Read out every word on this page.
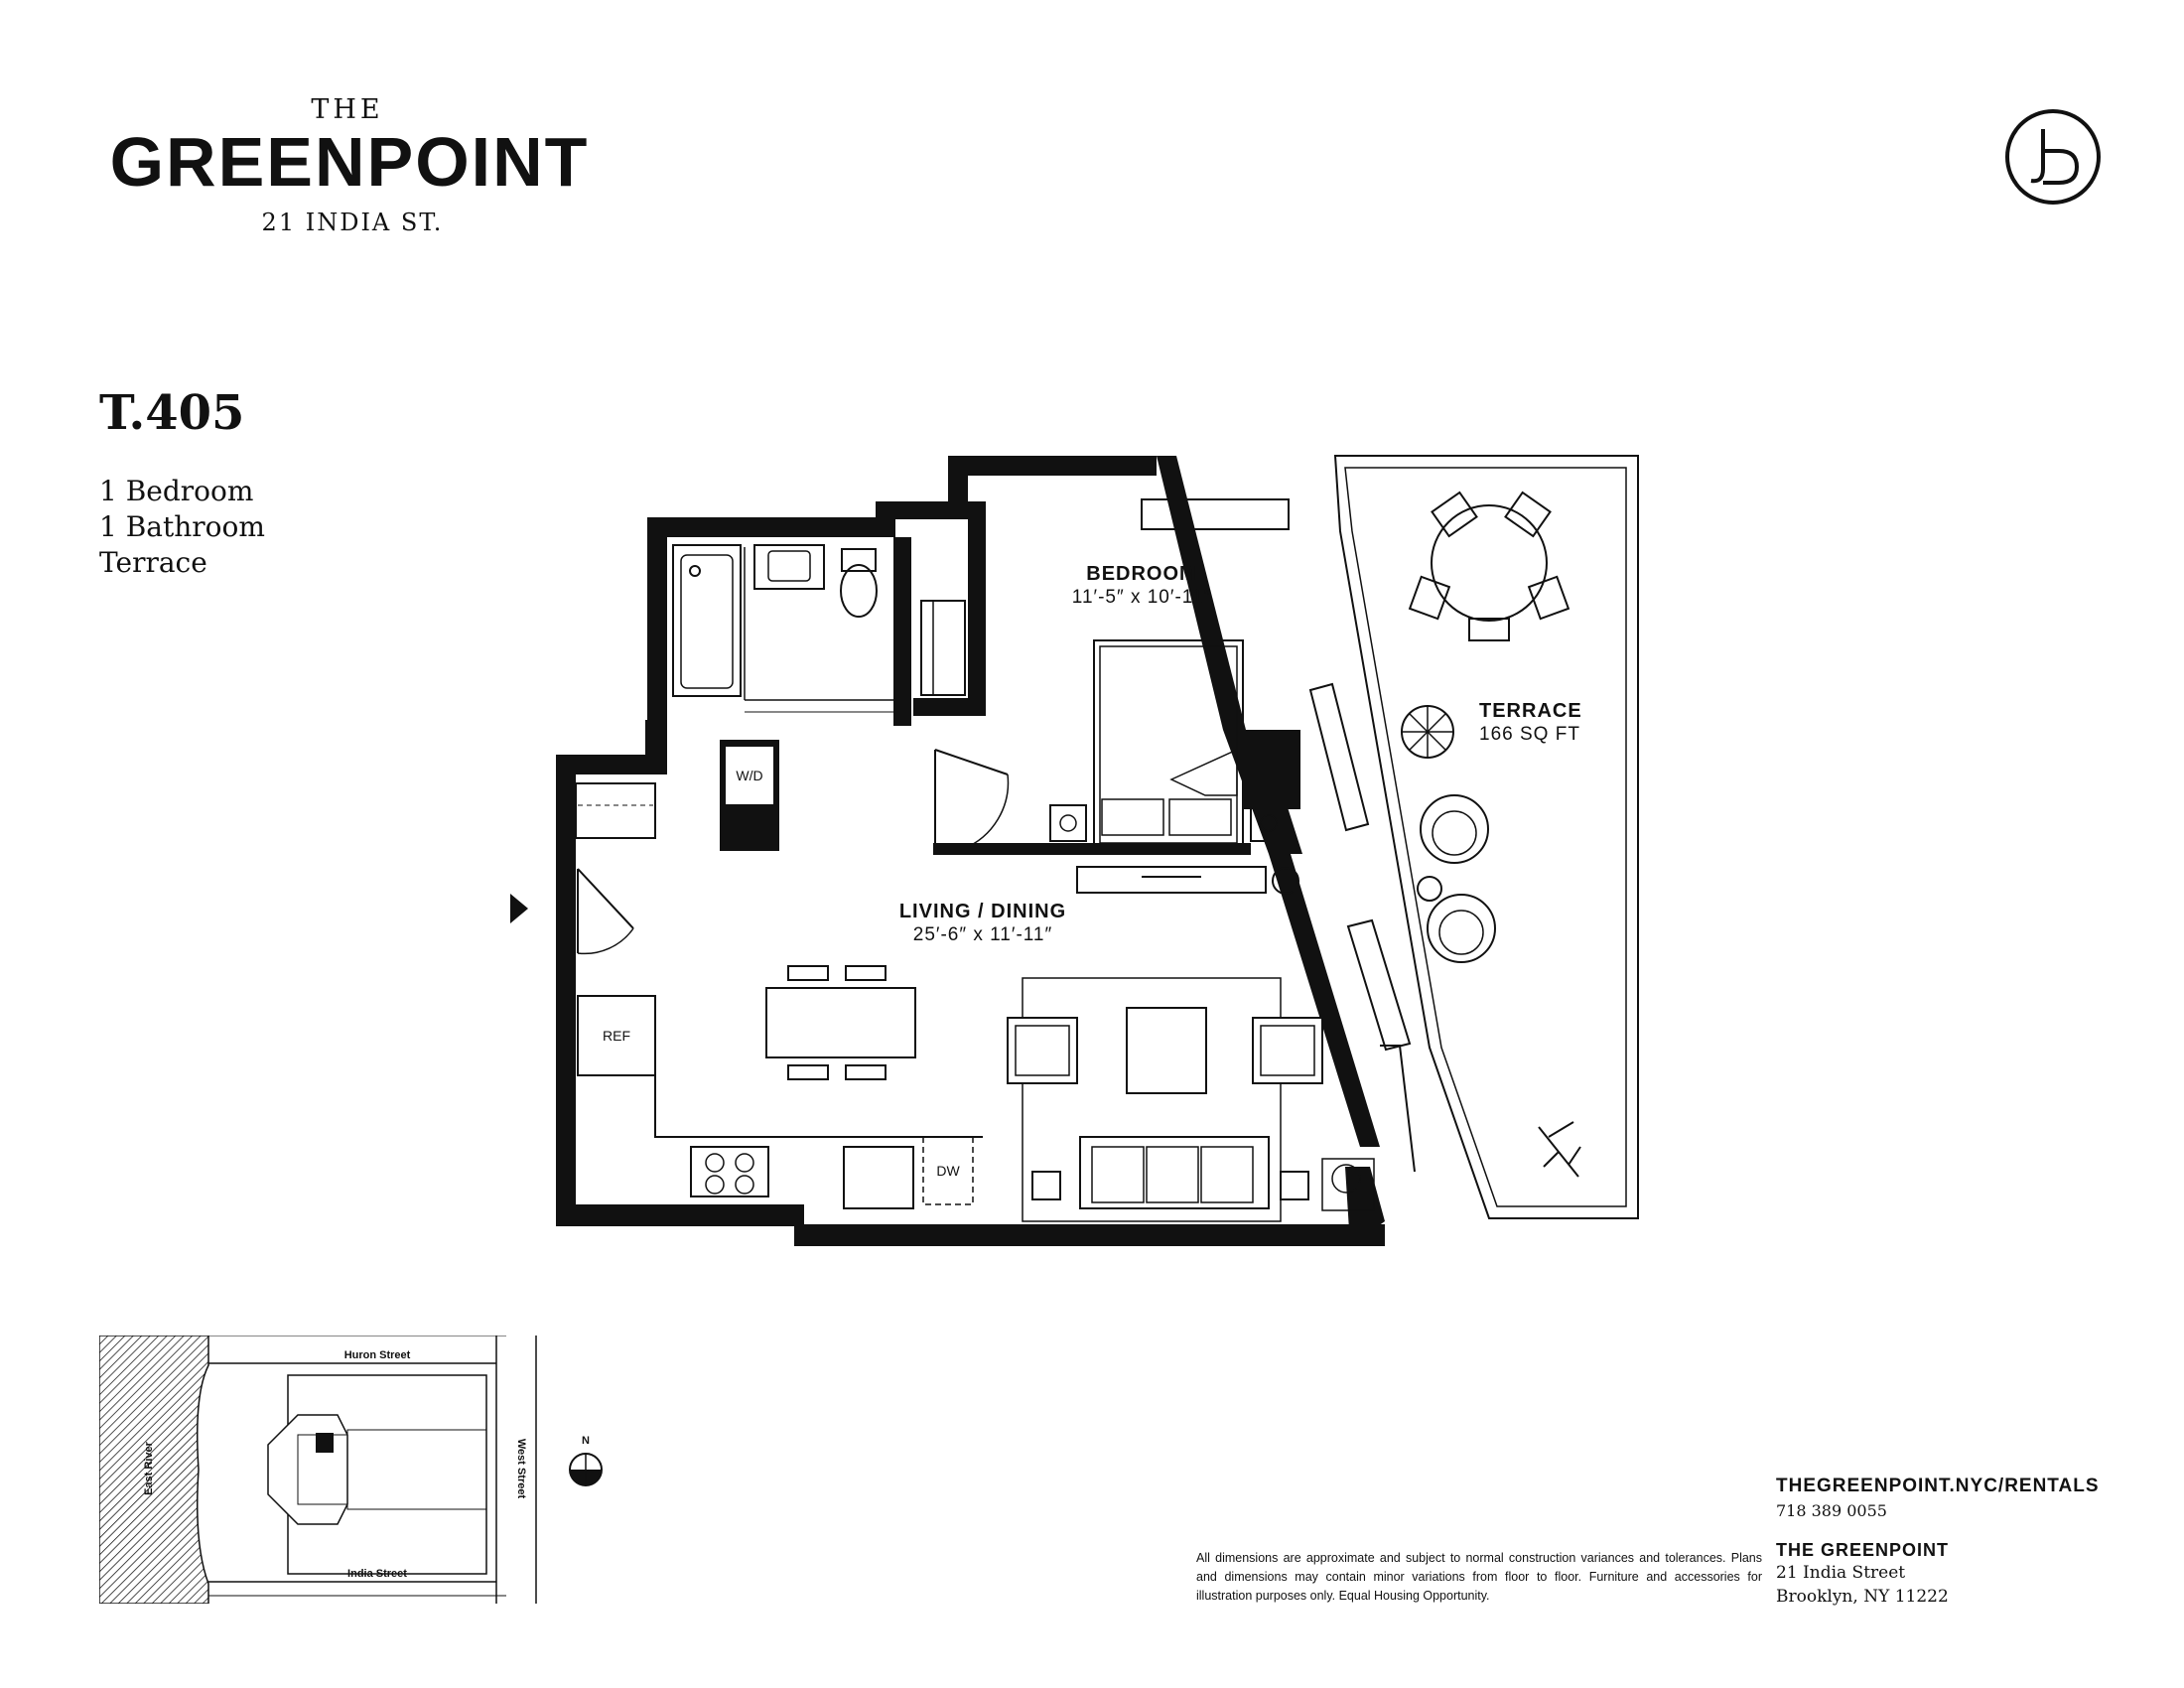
THE
GREENPOINT
21 INDIA ST.
T.405
1 Bedroom
1 Bathroom
Terrace	BEDROOM
11′-5″ x 10′-11″
LIVING / DINING
25′-6″ x 11′-11″
TERRACE
166 SQ FT
W/D
REF
DW
Huron Street
India Street
West Street
East River
N
All dimensions are approximate and subject to normal construction variances and tolerances. Plans and dimensions may contain minor variations from floor to floor. Furniture and accessories for illustration purposes only. Equal Housing Opportunity.
THEGREENPOINT.NYC/RENTALS
718 389 0055
THE GREENPOINT
21 India Street
Brooklyn, NY 11222
